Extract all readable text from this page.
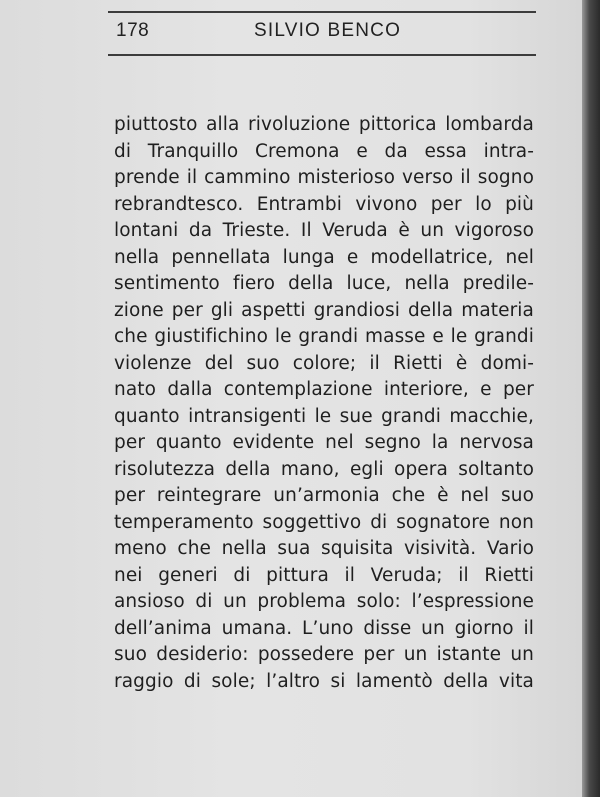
178	SILVIO BENCO
piuttosto alla rivoluzione pittorica lombarda
di Tranquillo Cremona e da essa intra-
prende il cammino misterioso verso il sogno
rebrandtesco. Entrambi vivono per lo più
lontani da Trieste. Il Veruda è un vigoroso
nella pennellata lunga e modellatrice, nel
sentimento fiero della luce, nella predile-
zione per gli aspetti grandiosi della materia
che giustifichino le grandi masse e le grandi
violenze del suo colore; il Rietti è domi-
nato dalla contemplazione interiore, e per
quanto intransigenti le sue grandi macchie,
per quanto evidente nel segno la nervosa
risolutezza della mano, egli opera soltanto
per reintegrare un’armonia che è nel suo
temperamento soggettivo di sognatore non
meno che nella sua squisita visività. Vario
nei generi di pittura il Veruda; il Rietti
ansioso di un problema solo: l’espressione
dell’anima umana. L’uno disse un giorno il
suo desiderio: possedere per un istante un
raggio di sole; l’altro si lamentò della vita
